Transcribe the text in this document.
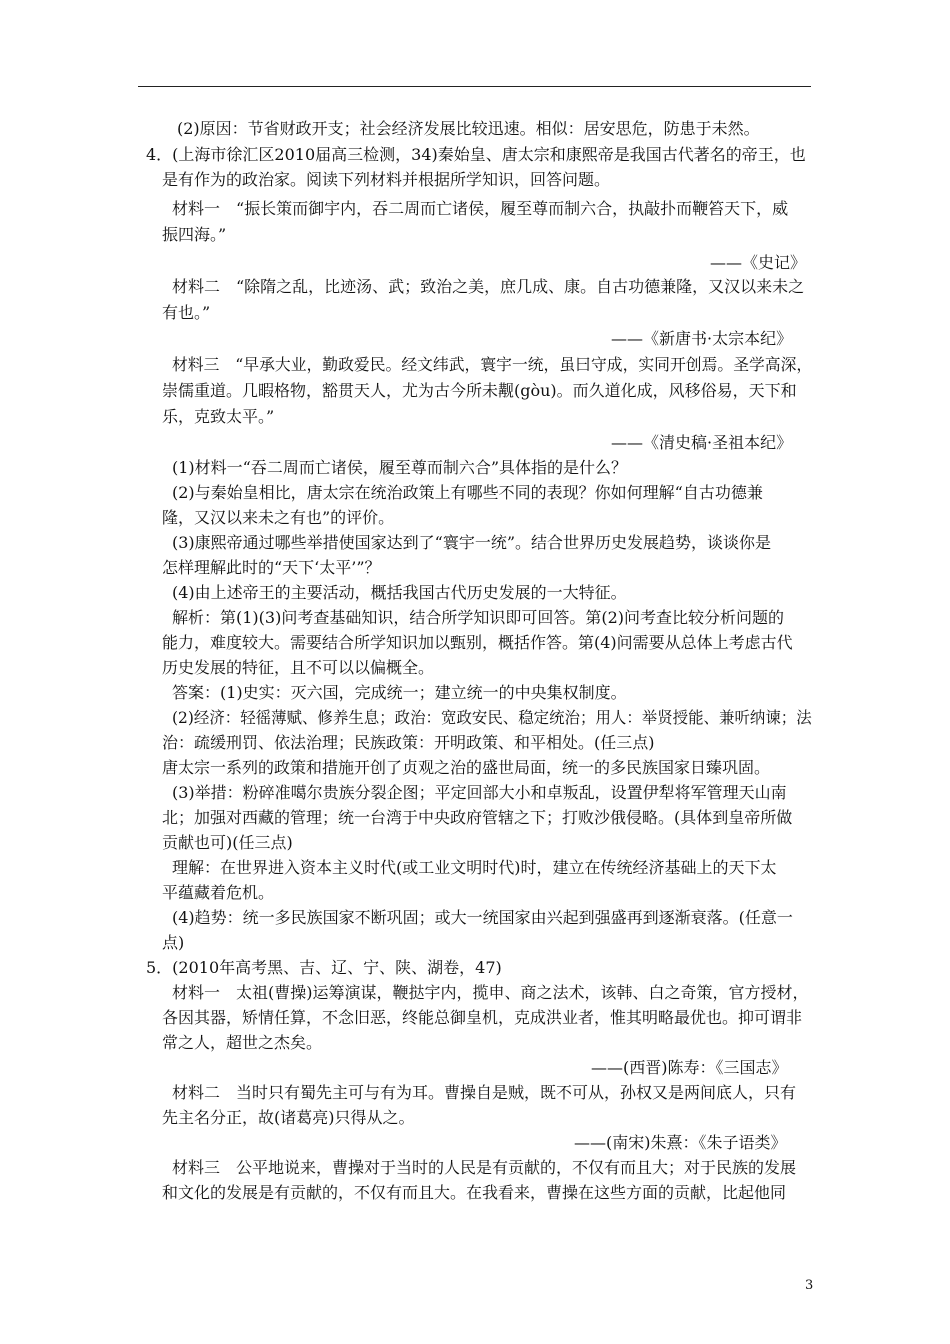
(2)原因：节省财政开支；社会经济发展比较迅速。相似：居安思危，防患于未然。
4．(上海市徐汇区2010届高三检测，34)秦始皇、唐太宗和康熙帝是我国古代著名的帝王，也
是有作为的政治家。阅读下列材料并根据所学知识，回答问题。
材料一　“振长策而御宇内，吞二周而亡诸侯，履至尊而制六合，执敲扑而鞭笞天下，威
振四海。”
——《史记》
材料二　“除隋之乱，比迹汤、武；致治之美，庶几成、康。自古功德兼隆，又汉以来未之
有也。”
——《新唐书·太宗本纪》
材料三　“早承大业，勤政爱民。经文纬武，寰宇一统，虽曰守成，实同开创焉。圣学高深，
崇儒重道。几暇格物，豁贯天人，尤为古今所未觏(gòu)。而久道化成，风移俗易，天下和
乐，克致太平。”
——《清史稿·圣祖本纪》
(1)材料一“吞二周而亡诸侯，履至尊而制六合”具体指的是什么？
(2)与秦始皇相比，唐太宗在统治政策上有哪些不同的表现？你如何理解“自古功德兼
隆，又汉以来未之有也”的评价。
(3)康熙帝通过哪些举措使国家达到了“寰宇一统”。结合世界历史发展趋势，谈谈你是
怎样理解此时的“天下‘太平’”？
(4)由上述帝王的主要活动，概括我国古代历史发展的一大特征。
解析：第(1)(3)问考查基础知识，结合所学知识即可回答。第(2)问考查比较分析问题的
能力，难度较大。需要结合所学知识加以甄别，概括作答。第(4)问需要从总体上考虑古代
历史发展的特征，且不可以以偏概全。
答案：(1)史实：灭六国，完成统一；建立统一的中央集权制度。
(2)经济：轻徭薄赋、修养生息；政治：宽政安民、稳定统治；用人：举贤授能、兼听纳谏；法
治：疏缓刑罚、依法治理；民族政策：开明政策、和平相处。(任三点)
唐太宗一系列的政策和措施开创了贞观之治的盛世局面，统一的多民族国家日臻巩固。
(3)举措：粉碎准噶尔贵族分裂企图；平定回部大小和卓叛乱，设置伊犁将军管理天山南
北；加强对西藏的管理；统一台湾于中央政府管辖之下；打败沙俄侵略。(具体到皇帝所做
贡献也可)(任三点)
理解：在世界进入资本主义时代(或工业文明时代)时，建立在传统经济基础上的天下太
平蕴藏着危机。
(4)趋势：统一多民族国家不断巩固；或大一统国家由兴起到强盛再到逐渐衰落。(任意一
点)
5．(2010年高考黑、吉、辽、宁、陕、湖卷，47)
材料一　太祖(曹操)运筹演谋，鞭挞宇内，揽申、商之法术，该韩、白之奇策，官方授材，
各因其器，矫情任算，不念旧恶，终能总御皇机，克成洪业者，惟其明略最优也。抑可谓非
常之人，超世之杰矣。
——(西晋)陈寿：《三国志》
材料二　当时只有蜀先主可与有为耳。曹操自是贼，既不可从，孙权又是两间底人，只有
先主名分正，故(诸葛亮)只得从之。
——(南宋)朱熹：《朱子语类》
材料三　公平地说来，曹操对于当时的人民是有贡献的，不仅有而且大；对于民族的发展
和文化的发展是有贡献的，不仅有而且大。在我看来，曹操在这些方面的贡献，比起他同
3
